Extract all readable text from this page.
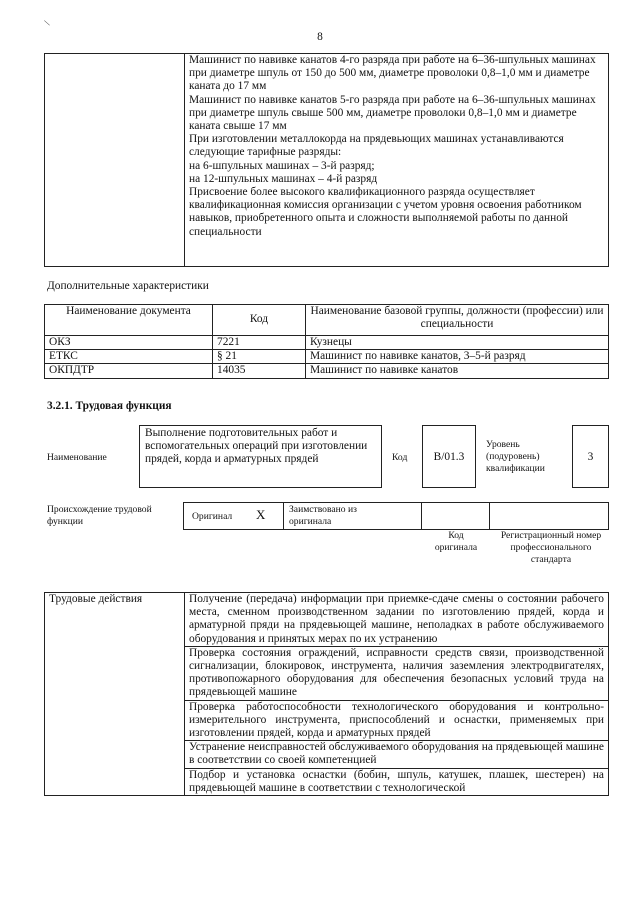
8
\

Машинист по навивке канатов 4-го разряда при работе на 6–36-шпульных машинах при диаметре шпуль от 150 до 500 мм, диаметре проволоки 0,8–1,0 мм и диаметре каната до 17 мм

Машинист по навивке канатов 5-го разряда при работе на 6–36-шпульных машинах при диаметре шпуль свыше 500 мм, диаметре проволоки 0,8–1,0 мм и диаметре каната свыше 17 мм

При изготовлении металлокорда на прядевьющих машинах устанавливаются следующие тарифные разряды:

на 6-шпульных машинах – 3-й разряд;

на 12-шпульных машинах – 4-й разряд

Присвоение более высокого квалификационного разряда осуществляет квалификационная комиссия организации с учетом уровня освоения работником навыков, приобретенного опыта и сложности выполняемой работы по данной специальности

Дополнительные характеристики
Наименование документа	Код	Наименование базовой группы, должности (профессии) или специальности
ОКЗ	7221	Кузнецы
ЕТКС	§ 21	Машинист по навивке канатов, 3–5-й разряд
ОКПДТР	14035	Машинист по навивке канатов
3.2.1. Трудовая функция
Наименование
Выполнение подготовительных работ и вспомогательных операций при изготовлении прядей, корда и арматурных прядей	Код	B/01.3
Уровень (подуровень) квалификации
3
Происхождение трудовой функции	Оригинал X Заимствовано из оригинала
Код оригинала
Регистрационный номер профессионального стандарта
Трудовые действия	Получение (передача) информации при приемке-сдаче смены о состоянии рабочего места, сменном производственном задании по изготовлению прядей, корда и арматурной пряди на прядевьющей машине, неполадках в работе обслуживаемого оборудования и принятых мерах по их устранению
Проверка состояния ограждений, исправности средств связи, производственной сигнализации, блокировок, инструмента, наличия заземления электродвигателях, противопожарного оборудования для обеспечения безопасных условий труда на прядевьющей машине
Проверка работоспособности технологического оборудования и контрольно-измерительного инструмента, приспособлений и оснастки, применяемых при изготовлении прядей, корда и арматурных прядей
Устранение неисправностей обслуживаемого оборудования на прядевьющей машине в соответствии со своей компетенцией
Подбор и установка оснастки (бобин, шпуль, катушек, плашек, шестерен) на прядевьющей машине в соответствии с технологической
